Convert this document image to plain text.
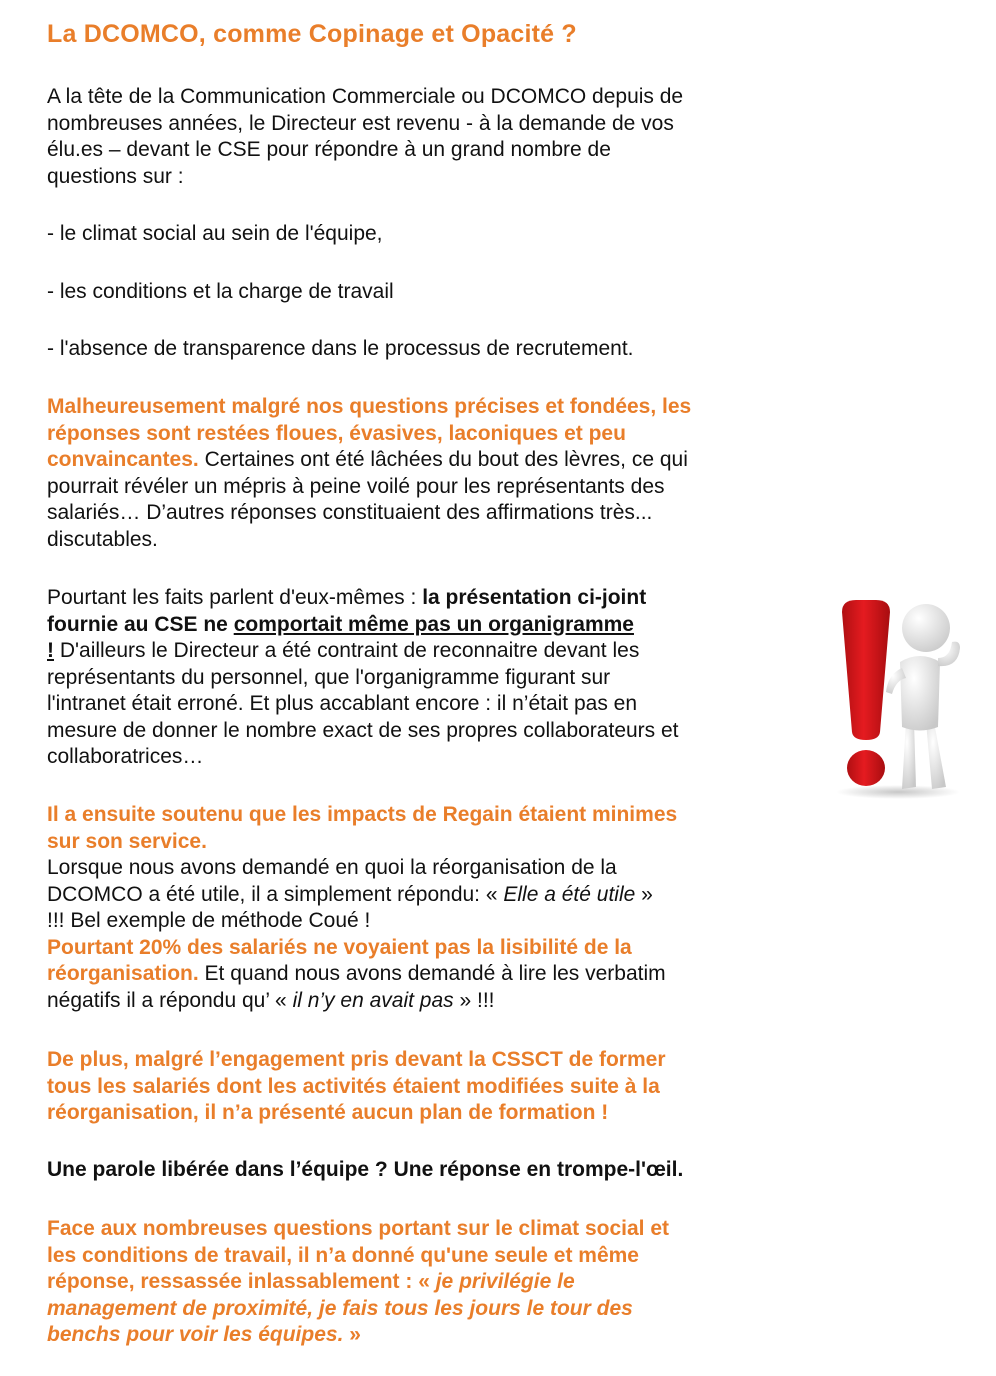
La DCOMCO, comme Copinage et Opacité ?

A la tête de la Communication Commerciale ou DCOMCO depuis de

nombreuses années, le Directeur est revenu - à la demande de vos

élu.es – devant le CSE pour répondre à un grand nombre de

questions sur :

- le climat social au sein de l'équipe,

- les conditions et la charge de travail

- l'absence de transparence dans le processus de recrutement.

Malheureusement malgré nos questions précises et fondées, les

réponses sont restées floues, évasives, laconiques et peu

convaincantes. Certaines ont été lâchées du bout des lèvres, ce qui

pourrait révéler un mépris à peine voilé pour les représentants des

salariés… D’autres réponses constituaient des affirmations très...

discutables.

Pourtant les faits parlent d'eux-mêmes : la présentation ci-joint

fournie au CSE ne comportait même pas un organigramme

! D'ailleurs le Directeur a été contraint de reconnaitre devant les

représentants du personnel, que l'organigramme figurant sur

l'intranet était erroné. Et plus accablant encore : il n’était pas en

mesure de donner le nombre exact de ses propres collaborateurs et

collaboratrices…

Il a ensuite soutenu que les impacts de Regain étaient minimes

sur son service.

Lorsque nous avons demandé en quoi la réorganisation de la

DCOMCO a été utile, il a simplement répondu: « Elle a été utile »

!!! Bel exemple de méthode Coué !

Pourtant 20% des salariés ne voyaient pas la lisibilité de la

réorganisation. Et quand nous avons demandé à lire les verbatim

négatifs il a répondu qu’ « il n’y en avait pas » !!!

De plus, malgré l’engagement pris devant la CSSCT de former

tous les salariés dont les activités étaient modifiées suite à la

réorganisation, il n’a présenté aucun plan de formation !

Une parole libérée dans l’équipe ? Une réponse en trompe-l'œil.

Face aux nombreuses questions portant sur le climat social et

les conditions de travail, il n’a donné qu'une seule et même

réponse, ressassée inlassablement : « je privilégie le

management de proximité, je fais tous les jours le tour des

benchs pour voir les équipes. »
